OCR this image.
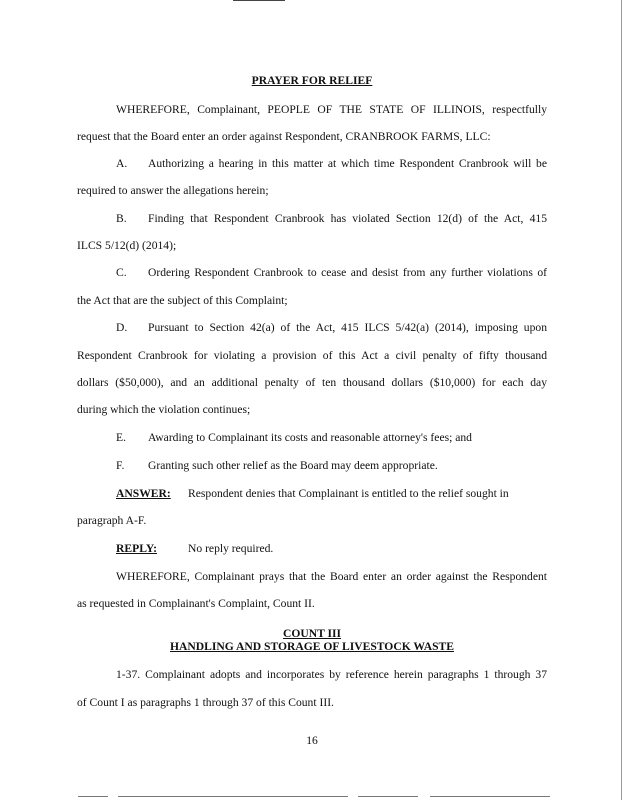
PRAYER FOR RELIEF
WHEREFORE, Complainant, PEOPLE OF THE STATE OF ILLINOIS, respectfully
request that the Board enter an order against Respondent, CRANBROOK FARMS, LLC:
A.	Authorizing a hearing in this matter at which time Respondent Cranbrook will be
required to answer the allegations herein;
B.	Finding that Respondent Cranbrook has violated Section 12(d) of the Act, 415
ILCS 5/12(d) (2014);
C.	Ordering Respondent Cranbrook to cease and desist from any further violations of
the Act that are the subject of this Complaint;
D.	Pursuant to Section 42(a) of the Act, 415 ILCS 5/42(a) (2014), imposing upon
Respondent Cranbrook for violating a provision of this Act a civil penalty of fifty thousand
dollars ($50,000), and an additional penalty of ten thousand dollars ($10,000) for each day
during which the violation continues;
E.	Awarding to Complainant its costs and reasonable attorney's fees; and
F.	Granting such other relief as the Board may deem appropriate.
ANSWER:	Respondent denies that Complainant is entitled to the relief sought in
paragraph A-F.
REPLY:	No reply required.
WHEREFORE, Complainant prays that the Board enter an order against the Respondent
as requested in Complainant's Complaint, Count II.
COUNT III
HANDLING AND STORAGE OF LIVESTOCK WASTE
1-37. Complainant adopts and incorporates by reference herein paragraphs 1 through 37
of Count I as paragraphs 1 through 37 of this Count III.
16
